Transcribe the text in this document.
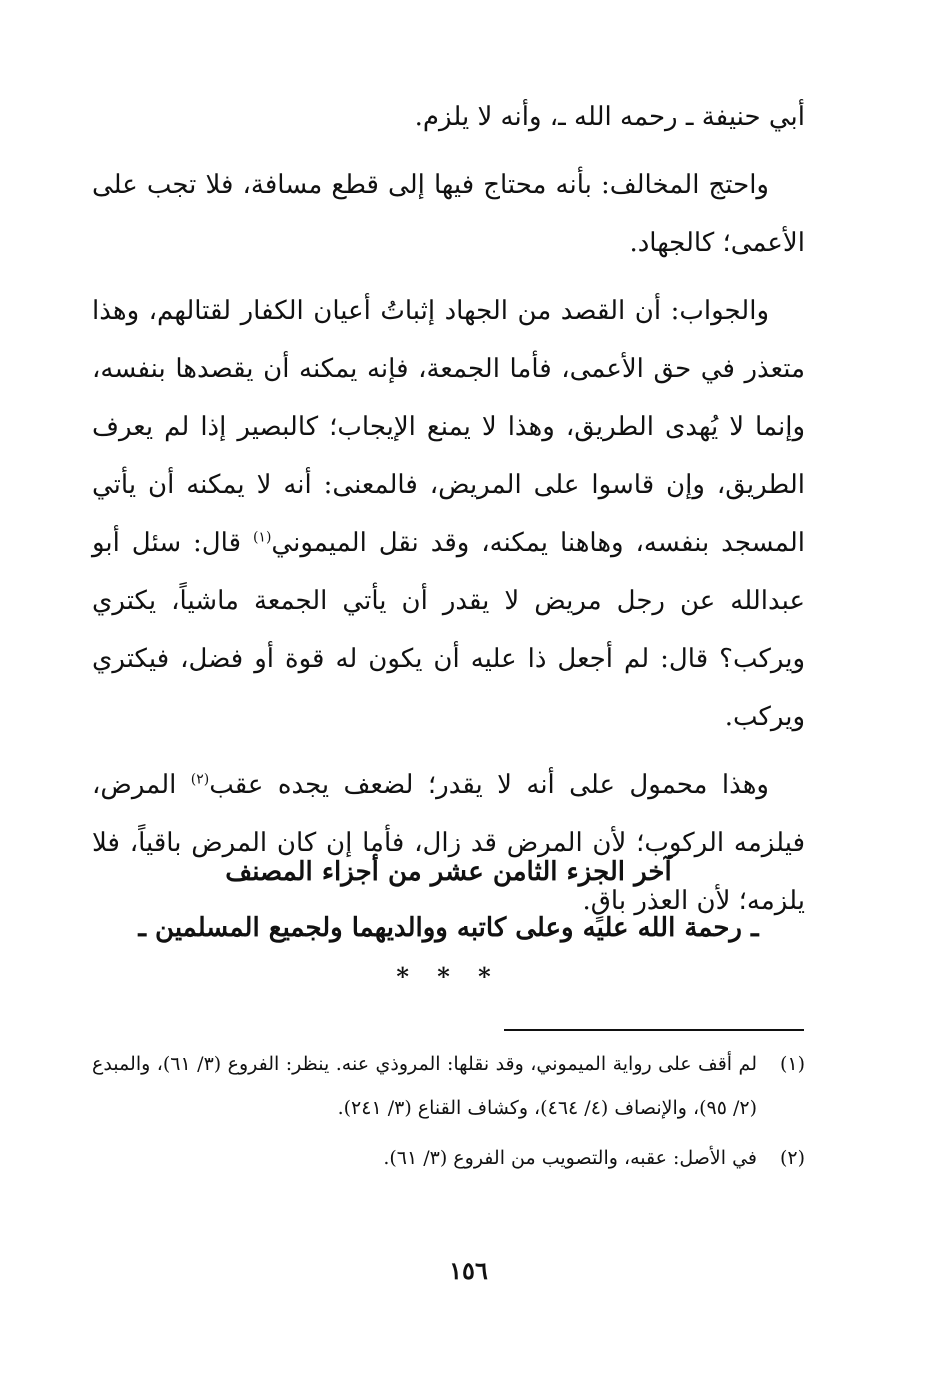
أبي حنيفة ـ رحمه الله ـ، وأنه لا يلزم.

واحتج المخالف: بأنه محتاج فيها إلى قطع مسافة، فلا تجب على الأعمى؛ كالجهاد.

والجواب: أن القصد من الجهاد إثباتُ أعيان الكفار لقتالهم، وهذا متعذر في حق الأعمى، فأما الجمعة، فإنه يمكنه أن يقصدها بنفسه، وإنما لا يُهدى الطريق، وهذا لا يمنع الإيجاب؛ كالبصير إذا لم يعرف الطريق، وإن قاسوا على المريض، فالمعنى: أنه لا يمكنه أن يأتي المسجد بنفسه، وهاهنا يمكنه، وقد نقل الميموني$^{(١)}$ قال: سئل أبو عبدالله عن رجل مريض لا يقدر أن يأتي الجمعة ماشياً، يكتري ويركب؟ قال: لم أجعل ذا عليه أن يكون له قوة أو فضل، فيكتري ويركب.

وهذا محمول على أنه لا يقدر؛ لضعف يجده عقب$^{(٢)}$ المرض، فيلزمه الركوب؛ لأن المرض قد زال، فأما إن كان المرض باقياً، فلا يلزمه؛ لأن العذر باقٍ.

آخر الجزء الثامن عشر من أجزاء المصنف
ـ رحمة الله عليه وعلى كاتبه ووالديهما ولجميع المسلمين ـ
* * *
(١)
لم أقف على رواية الميموني، وقد نقلها: المروذي عنه. ينظر: الفروع (٣/ ٦١)، والمبدع (٢/ ٩٥)، والإنصاف (٤/ ٤٦٤)، وكشاف القناع (٣/ ٢٤١).
(٢)
في الأصل: عقبه، والتصويب من الفروع (٣/ ٦١).
١٥٦
